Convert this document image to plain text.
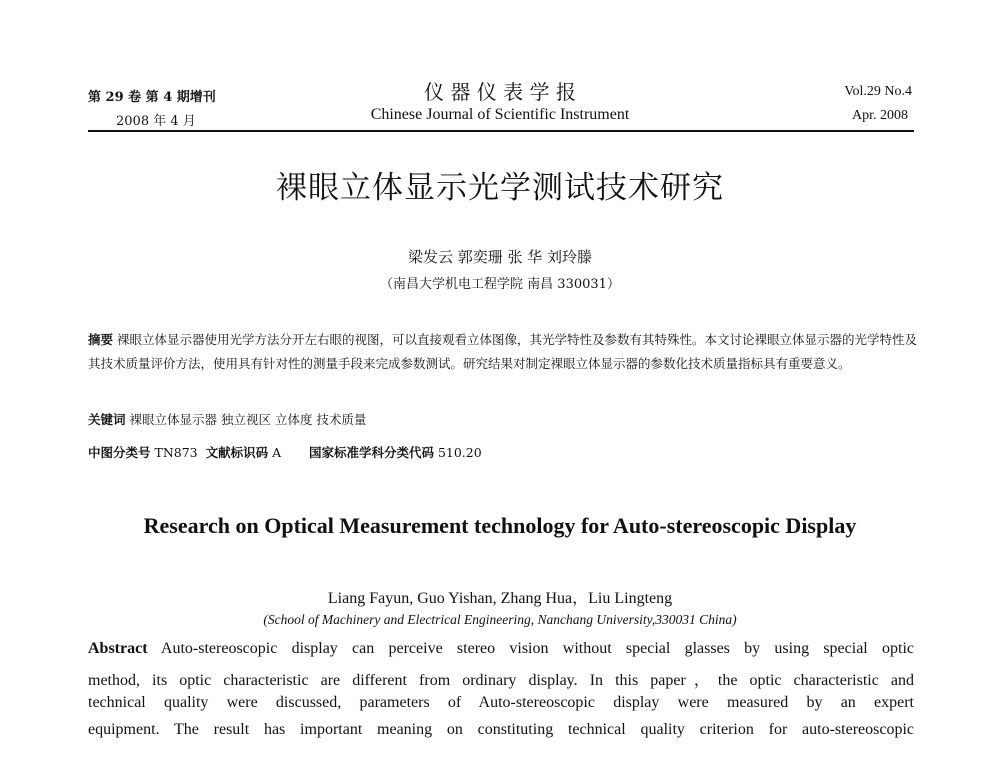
第 29 卷 第 4 期增刊
2008 年 4 月
仪 器 仪 表 学 报
Chinese Journal of Scientific Instrument
Vol.29 No.4
Apr. 2008
裸眼立体显示光学测试技术研究
梁发云 郭奕珊 张 华 刘玲滕
（南昌大学机电工程学院 南昌 330031）
摘要 裸眼立体显示器使用光学方法分开左右眼的视图，可以直接观看立体图像，其光学特性及参数有其特殊性。本文讨论裸眼立体显示器的光学特性及其技术质量评价方法，使用具有针对性的测量手段来完成参数测试。研究结果对制定裸眼立体显示器的参数化技术质量指标具有重要意义。
关键词 裸眼立体显示器 独立视区 立体度 技术质量
中图分类号 TN873 文献标识码 A 国家标准学科分类代码 510.20
Research on Optical Measurement technology for Auto-stereoscopic Display
Liang Fayun, Guo Yishan, Zhang Hua，Liu Lingteng
(School of Machinery and Electrical Engineering, Nanchang University,330031 China)
Abstract Auto-stereoscopic display can perceive stereo vision without special glasses by using special optic
method, its optic characteristic are different from ordinary display. In this paper，the optic characteristic and
technical quality were discussed, parameters of Auto-stereoscopic display were measured by an expert
equipment. The result has important meaning on constituting technical quality criterion for auto-stereoscopic
